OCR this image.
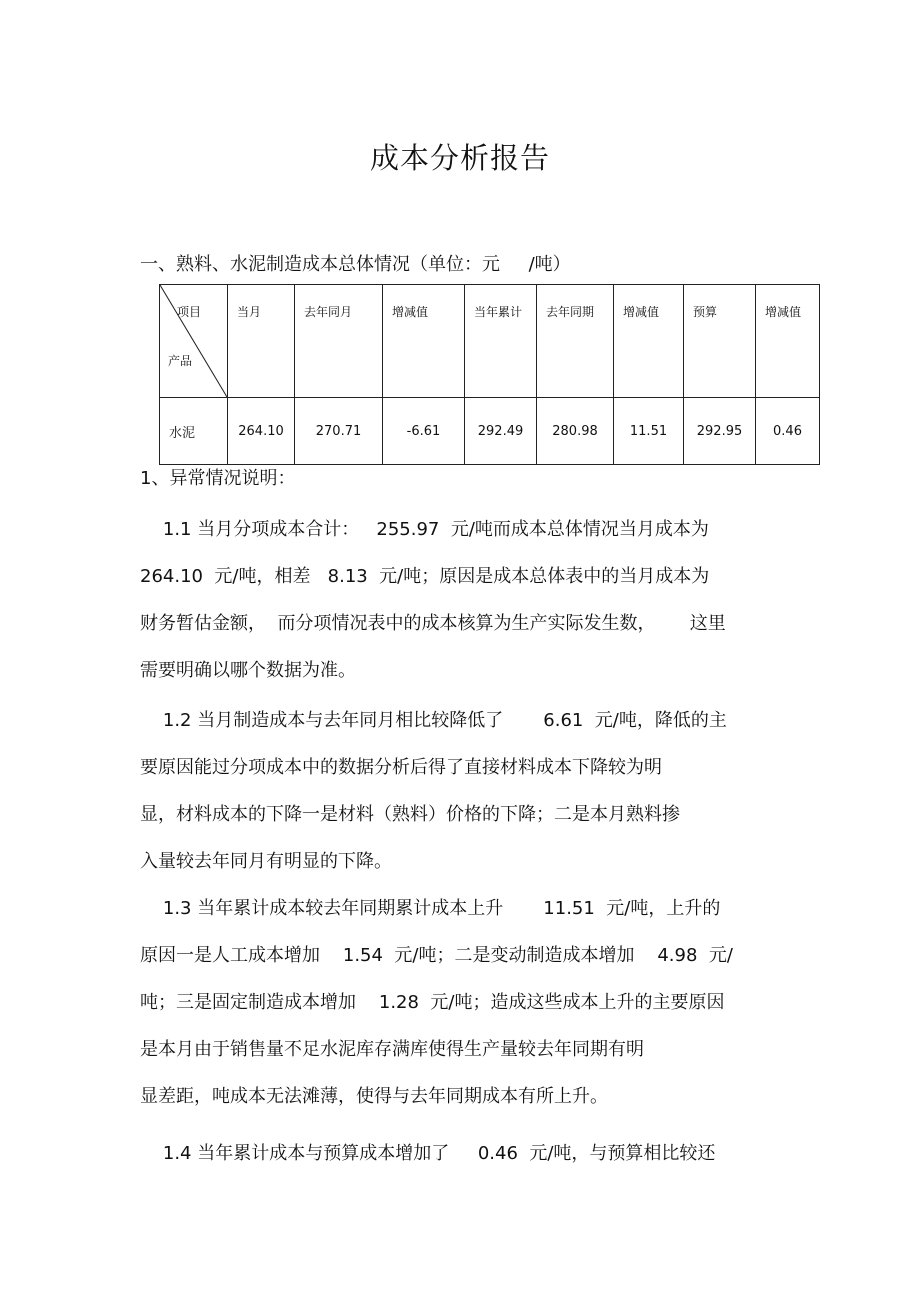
成本分析报告
一、熟料、水泥制造成本总体情况（单位：元     /吨）
项目
产品	当月	去年同月	增减值	当年累计	去年同期	增减值	预算	增减值
水泥	264.10	270.71	-6.61	292.49	280.98	11.51	292.95	0.46
1、异常情况说明：
1.1 当月分项成本合计：   255.97  元/吨而成本总体情况当月成本为
264.10  元/吨，相差   8.13  元/吨；原因是成本总体表中的当月成本为
财务暂估金额，  而分项情况表中的成本核算为生产实际发生数，      这里
需要明确以哪个数据为准。
1.2 当月制造成本与去年同月相比较降低了       6.61  元/吨，降低的主
要原因能过分项成本中的数据分析后得了直接材料成本下降较为明
显，材料成本的下降一是材料（熟料）价格的下降；二是本月熟料掺
入量较去年同月有明显的下降。
1.3 当年累计成本较去年同期累计成本上升       11.51  元/吨，上升的
原因一是人工成本增加    1.54  元/吨；二是变动制造成本增加    4.98  元/
吨；三是固定制造成本增加    1.28  元/吨；造成这些成本上升的主要原因
是本月由于销售量不足水泥库存满库使得生产量较去年同期有明
显差距，吨成本无法滩薄，使得与去年同期成本有所上升。
1.4 当年累计成本与预算成本增加了     0.46  元/吨，与预算相比较还
